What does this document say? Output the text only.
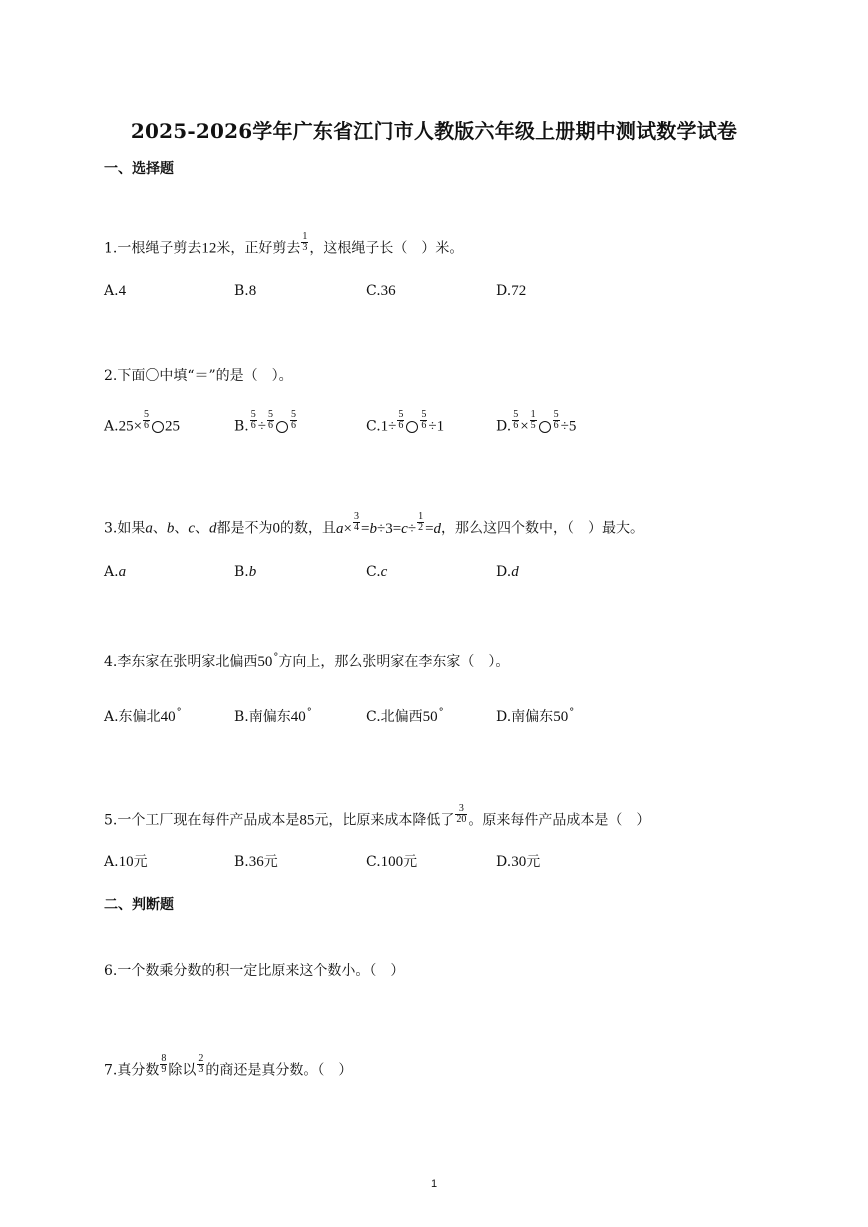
2025-2026学年广东省江门市人教版六年级上册期中测试数学试卷
一、选择题
1.一根绳子剪去12米，正好剪去 $\frac{1}{3}$ ，这根绳子长（　）米。
A.4	B.8	C.36	D.72
2.下面〇中填“＝”的是（　）。
$A.25\times \frac{5}{6} 25$	B. $\frac{5}{6} \div \frac{5}{6} \frac{5}{6}$	$C.1\div \frac{5}{6} \frac{5}{6} \div 1$	D. $\frac{5}{6} \times \frac{1}{5} \frac{5}{6} \div 5$
3.如果a、b、c、d都是不为0的数，且$a\times \frac{3}{4} =b\div 3=c\div \frac{1}{2} =d$，那么这四个数中，（　）最大。
A.a	B.b	C.c	D.d
4.李东家在张明家北偏西50°方向上，那么张明家在李东家（　）。
A.东偏北40°	B.南偏东40°	C.北偏西50°	D.南偏东50°
5.一个工厂现在每件产品成本是85元，比原来成本降低了 $\frac{3}{20}$ 。原来每件产品成本是（　）
A.10元	B.36元	C.100元	D.30元
二、判断题
6.一个数乘分数的积一定比原来这个数小。（　）
7.真分数 $\frac{8}{9}$ 除以 $\frac{2}{3}$ 的商还是真分数。（　）
1
